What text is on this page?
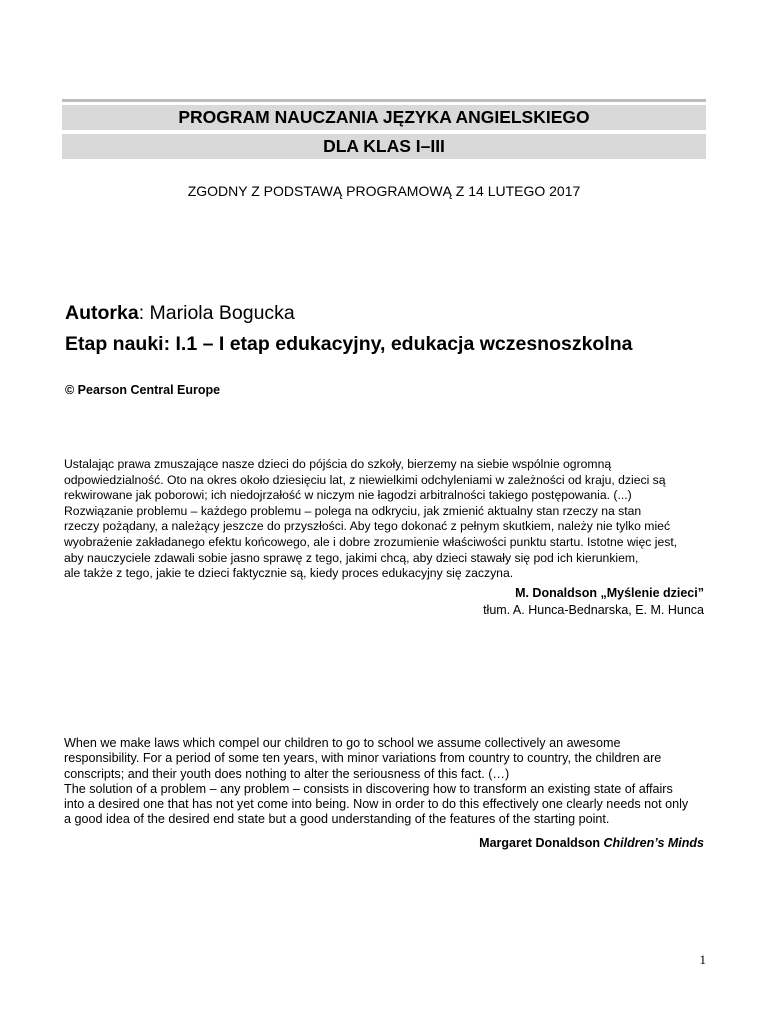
PROGRAM NAUCZANIA JĘZYKA ANGIELSKIEGO
DLA KLAS I–III
ZGODNY Z PODSTAWĄ PROGRAMOWĄ Z 14 LUTEGO 2017
Autorka: Mariola Bogucka
Etap nauki: I.1 – I etap edukacyjny, edukacja wczesnoszkolna
© Pearson Central Europe
Ustalając prawa zmuszające nasze dzieci do pójścia do szkoły, bierzemy na siebie wspólnie ogromną
odpowiedzialność. Oto na okres około dziesięciu lat, z niewielkimi odchyleniami w zależności od kraju, dzieci są
rekwirowane jak poborowi; ich niedojrzałość w niczym nie łagodzi arbitralności takiego postępowania. (...)
Rozwiązanie problemu – każdego problemu – polega na odkryciu, jak zmienić aktualny stan rzeczy na stan
rzeczy pożądany, a należący jeszcze do przyszłości. Aby tego dokonać z pełnym skutkiem, należy nie tylko mieć
wyobrażenie zakładanego efektu końcowego, ale i dobre zrozumienie właściwości punktu startu. Istotne więc jest,
aby nauczyciele zdawali sobie jasno sprawę z tego, jakimi chcą, aby dzieci stawały się pod ich kierunkiem,
ale także z tego, jakie te dzieci faktycznie są, kiedy proces edukacyjny się zaczyna.
M. Donaldson „Myślenie dzieci”
tłum. A. Hunca-Bednarska, E. M. Hunca
When we make laws which compel our children to go to school we assume collectively an awesome
responsibility. For a period of some ten years, with minor variations from country to country, the children are
conscripts; and their youth does nothing to alter the seriousness of this fact. (…)
The solution of a problem – any problem – consists in discovering how to transform an existing state of affairs
into a desired one that has not yet come into being. Now in order to do this effectively one clearly needs not only
a good idea of the desired end state but a good understanding of the features of the starting point.
Margaret Donaldson Children’s Minds
1
